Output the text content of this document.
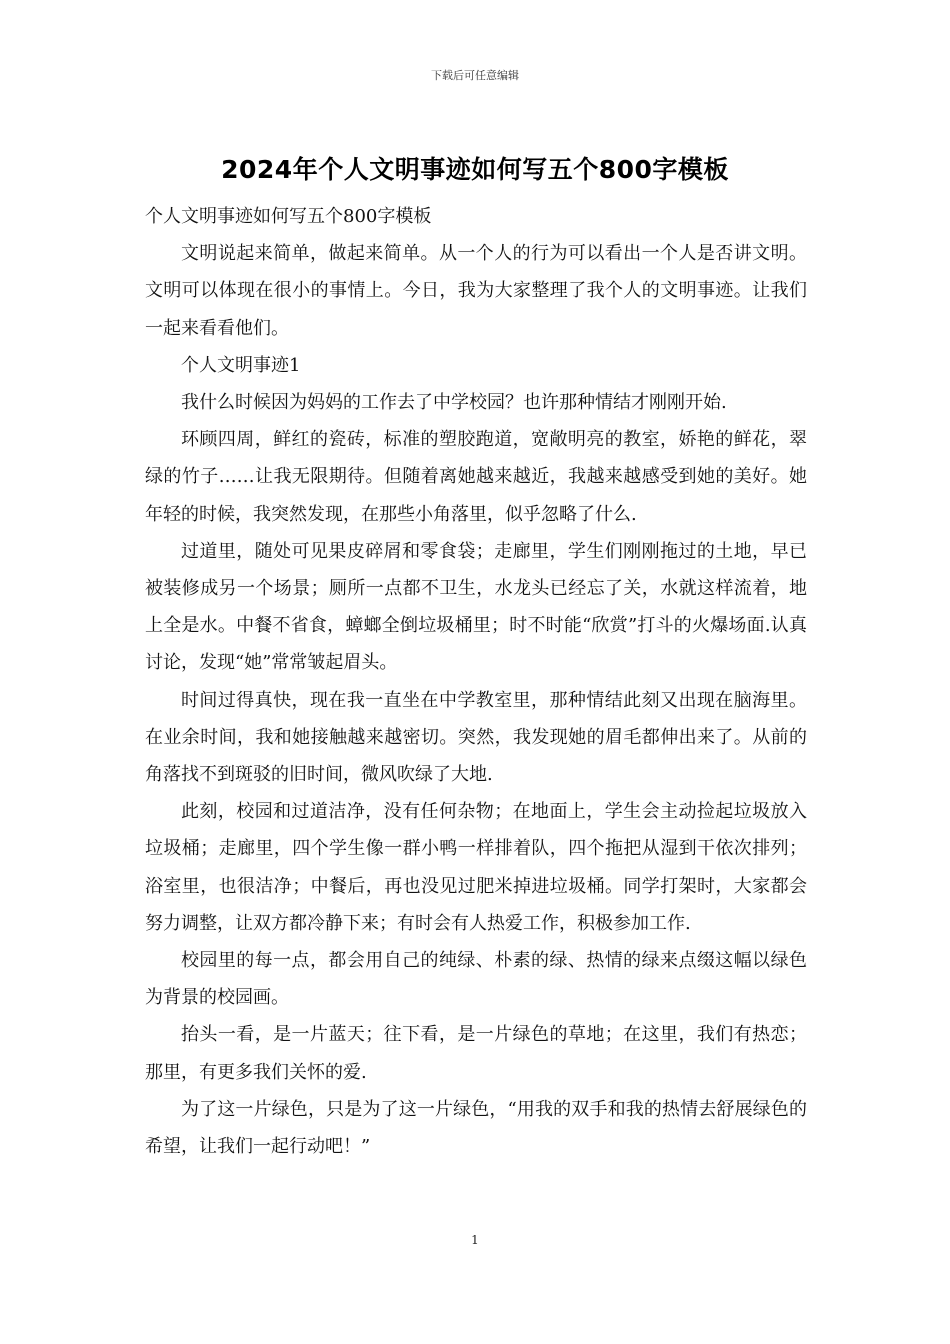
下载后可任意编辑
2024年个人文明事迹如何写五个800字模板

个人文明事迹如何写五个800字模板

文明说起来简单，做起来简单。从一个人的行为可以看出一个人是否讲文明。文明可以体现在很小的事情上。今日，我为大家整理了我个人的文明事迹。让我们一起来看看他们。

个人文明事迹1

我什么时候因为妈妈的工作去了中学校园？也许那种情结才刚刚开始.

环顾四周，鲜红的瓷砖，标准的塑胶跑道，宽敞明亮的教室，娇艳的鲜花，翠绿的竹子……让我无限期待。但随着离她越来越近，我越来越感受到她的美好。她年轻的时候，我突然发现，在那些小角落里，似乎忽略了什么.

过道里，随处可见果皮碎屑和零食袋；走廊里，学生们刚刚拖过的土地，早已被装修成另一个场景；厕所一点都不卫生，水龙头已经忘了关，水就这样流着，地上全是水。中餐不省食，蟑螂全倒垃圾桶里；时不时能“欣赏”打斗的火爆场面.认真讨论，发现“她”常常皱起眉头。

时间过得真快，现在我一直坐在中学教室里，那种情结此刻又出现在脑海里。在业余时间，我和她接触越来越密切。突然，我发现她的眉毛都伸出来了。从前的角落找不到斑驳的旧时间，微风吹绿了大地.

此刻，校园和过道洁净，没有任何杂物；在地面上，学生会主动捡起垃圾放入垃圾桶；走廊里，四个学生像一群小鸭一样排着队，四个拖把从湿到干依次排列；浴室里，也很洁净；中餐后，再也没见过肥米掉进垃圾桶。同学打架时，大家都会努力调整，让双方都冷静下来；有时会有人热爱工作，积极参加工作.

校园里的每一点，都会用自己的纯绿、朴素的绿、热情的绿来点缀这幅以绿色为背景的校园画。

抬头一看，是一片蓝天；往下看，是一片绿色的草地；在这里，我们有热恋；那里，有更多我们关怀的爱.

为了这一片绿色，只是为了这一片绿色，“用我的双手和我的热情去舒展绿色的希望，让我们一起行动吧！”

1
